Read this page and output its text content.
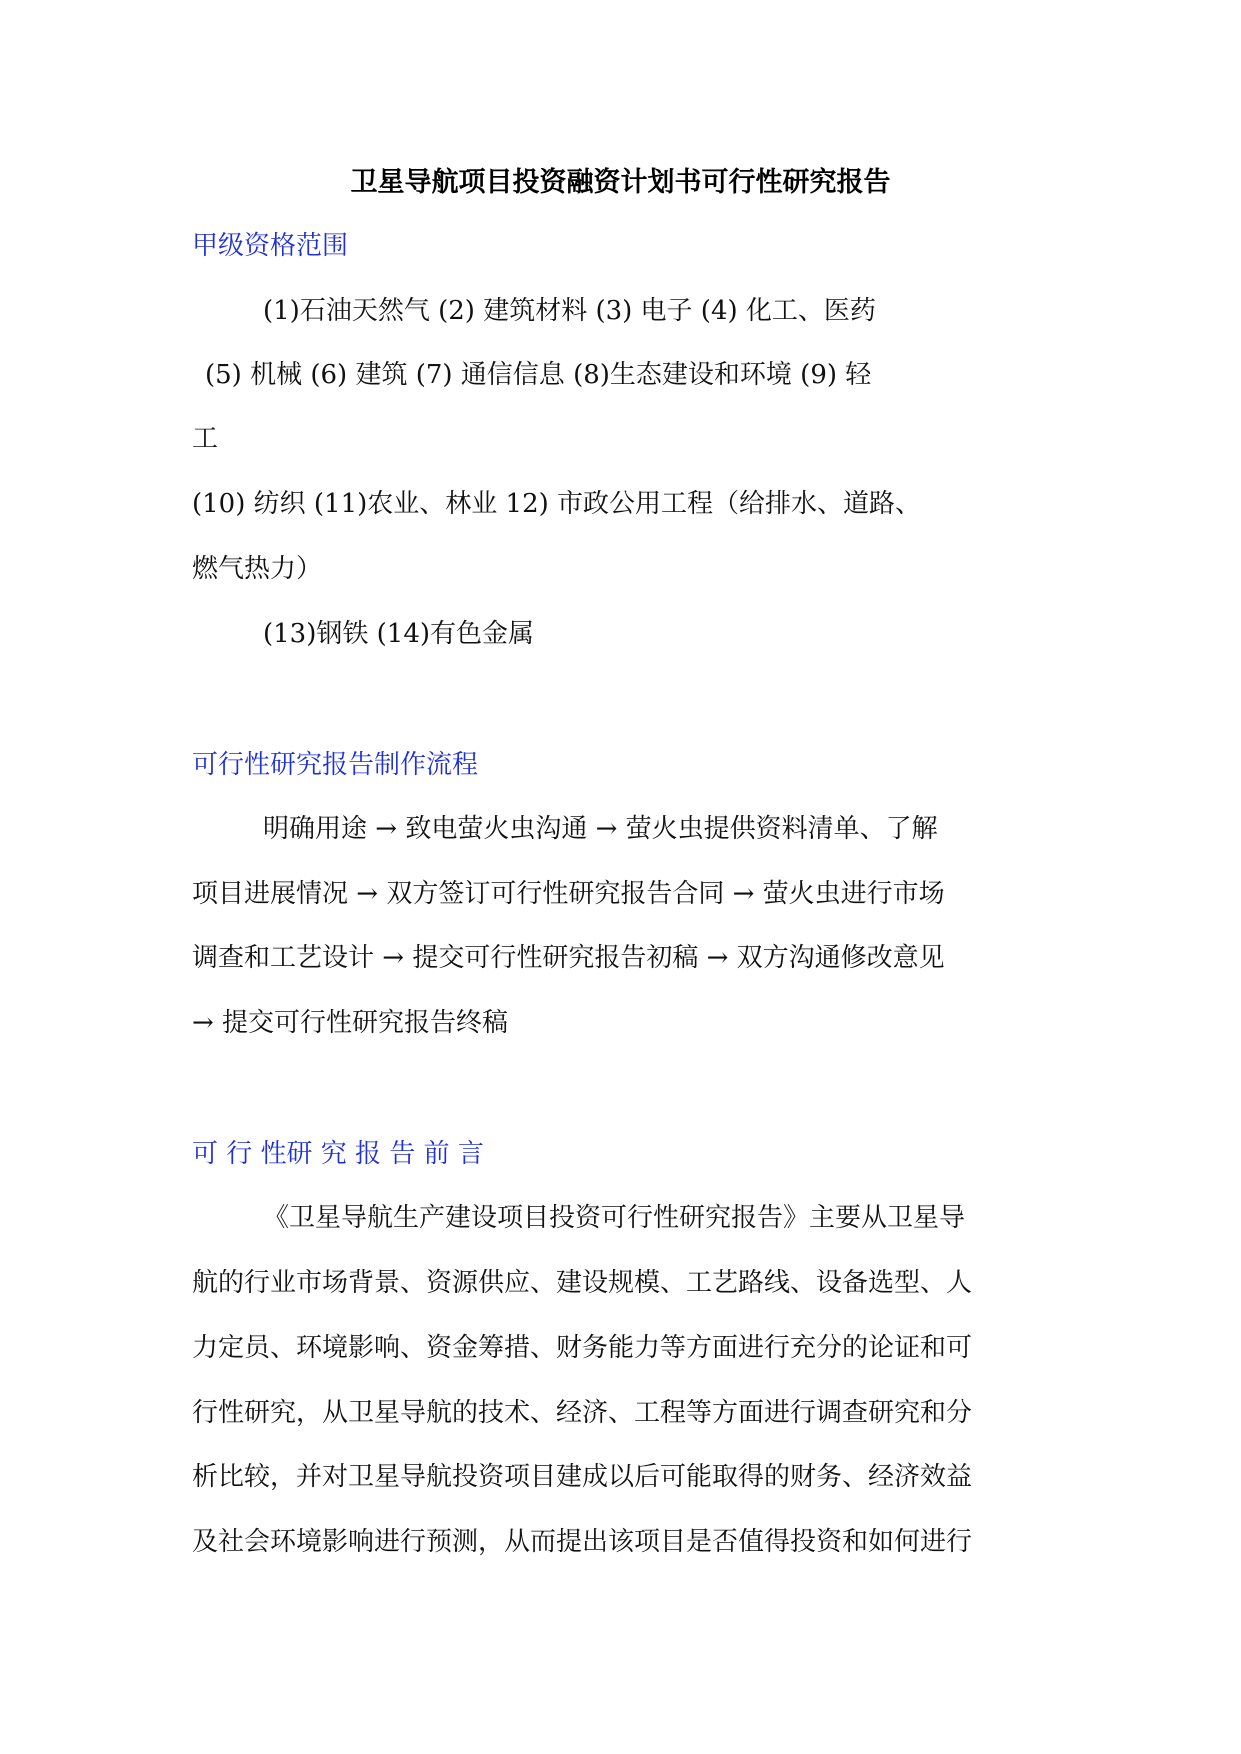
卫星导航项目投资融资计划书可行性研究报告
甲级资格范围
(1)石油天然气 (2) 建筑材料 (3) 电子 (4) 化工、医药
(5) 机械 (6) 建筑 (7) 通信信息 (8)生态建设和环境 (9) 轻
工
(10) 纺织 (11)农业、林业 12) 市政公用工程（给排水、道路、
燃气热力）
(13)钢铁 (14)有色金属
可行性研究报告制作流程
明确用途 → 致电萤火虫沟通 → 萤火虫提供资料清单、了解
项目进展情况 → 双方签订可行性研究报告合同 → 萤火虫进行市场
调查和工艺设计 → 提交可行性研究报告初稿 → 双方沟通修改意见
→ 提交可行性研究报告终稿
可 行 性研 究 报 告 前 言
《卫星导航生产建设项目投资可行性研究报告》主要从卫星导
航的行业市场背景、资源供应、建设规模、工艺路线、设备选型、人
力定员、环境影响、资金筹措、财务能力等方面进行充分的论证和可
行性研究，从卫星导航的技术、经济、工程等方面进行调查研究和分
析比较，并对卫星导航投资项目建成以后可能取得的财务、经济效益
及社会环境影响进行预测，从而提出该项目是否值得投资和如何进行
